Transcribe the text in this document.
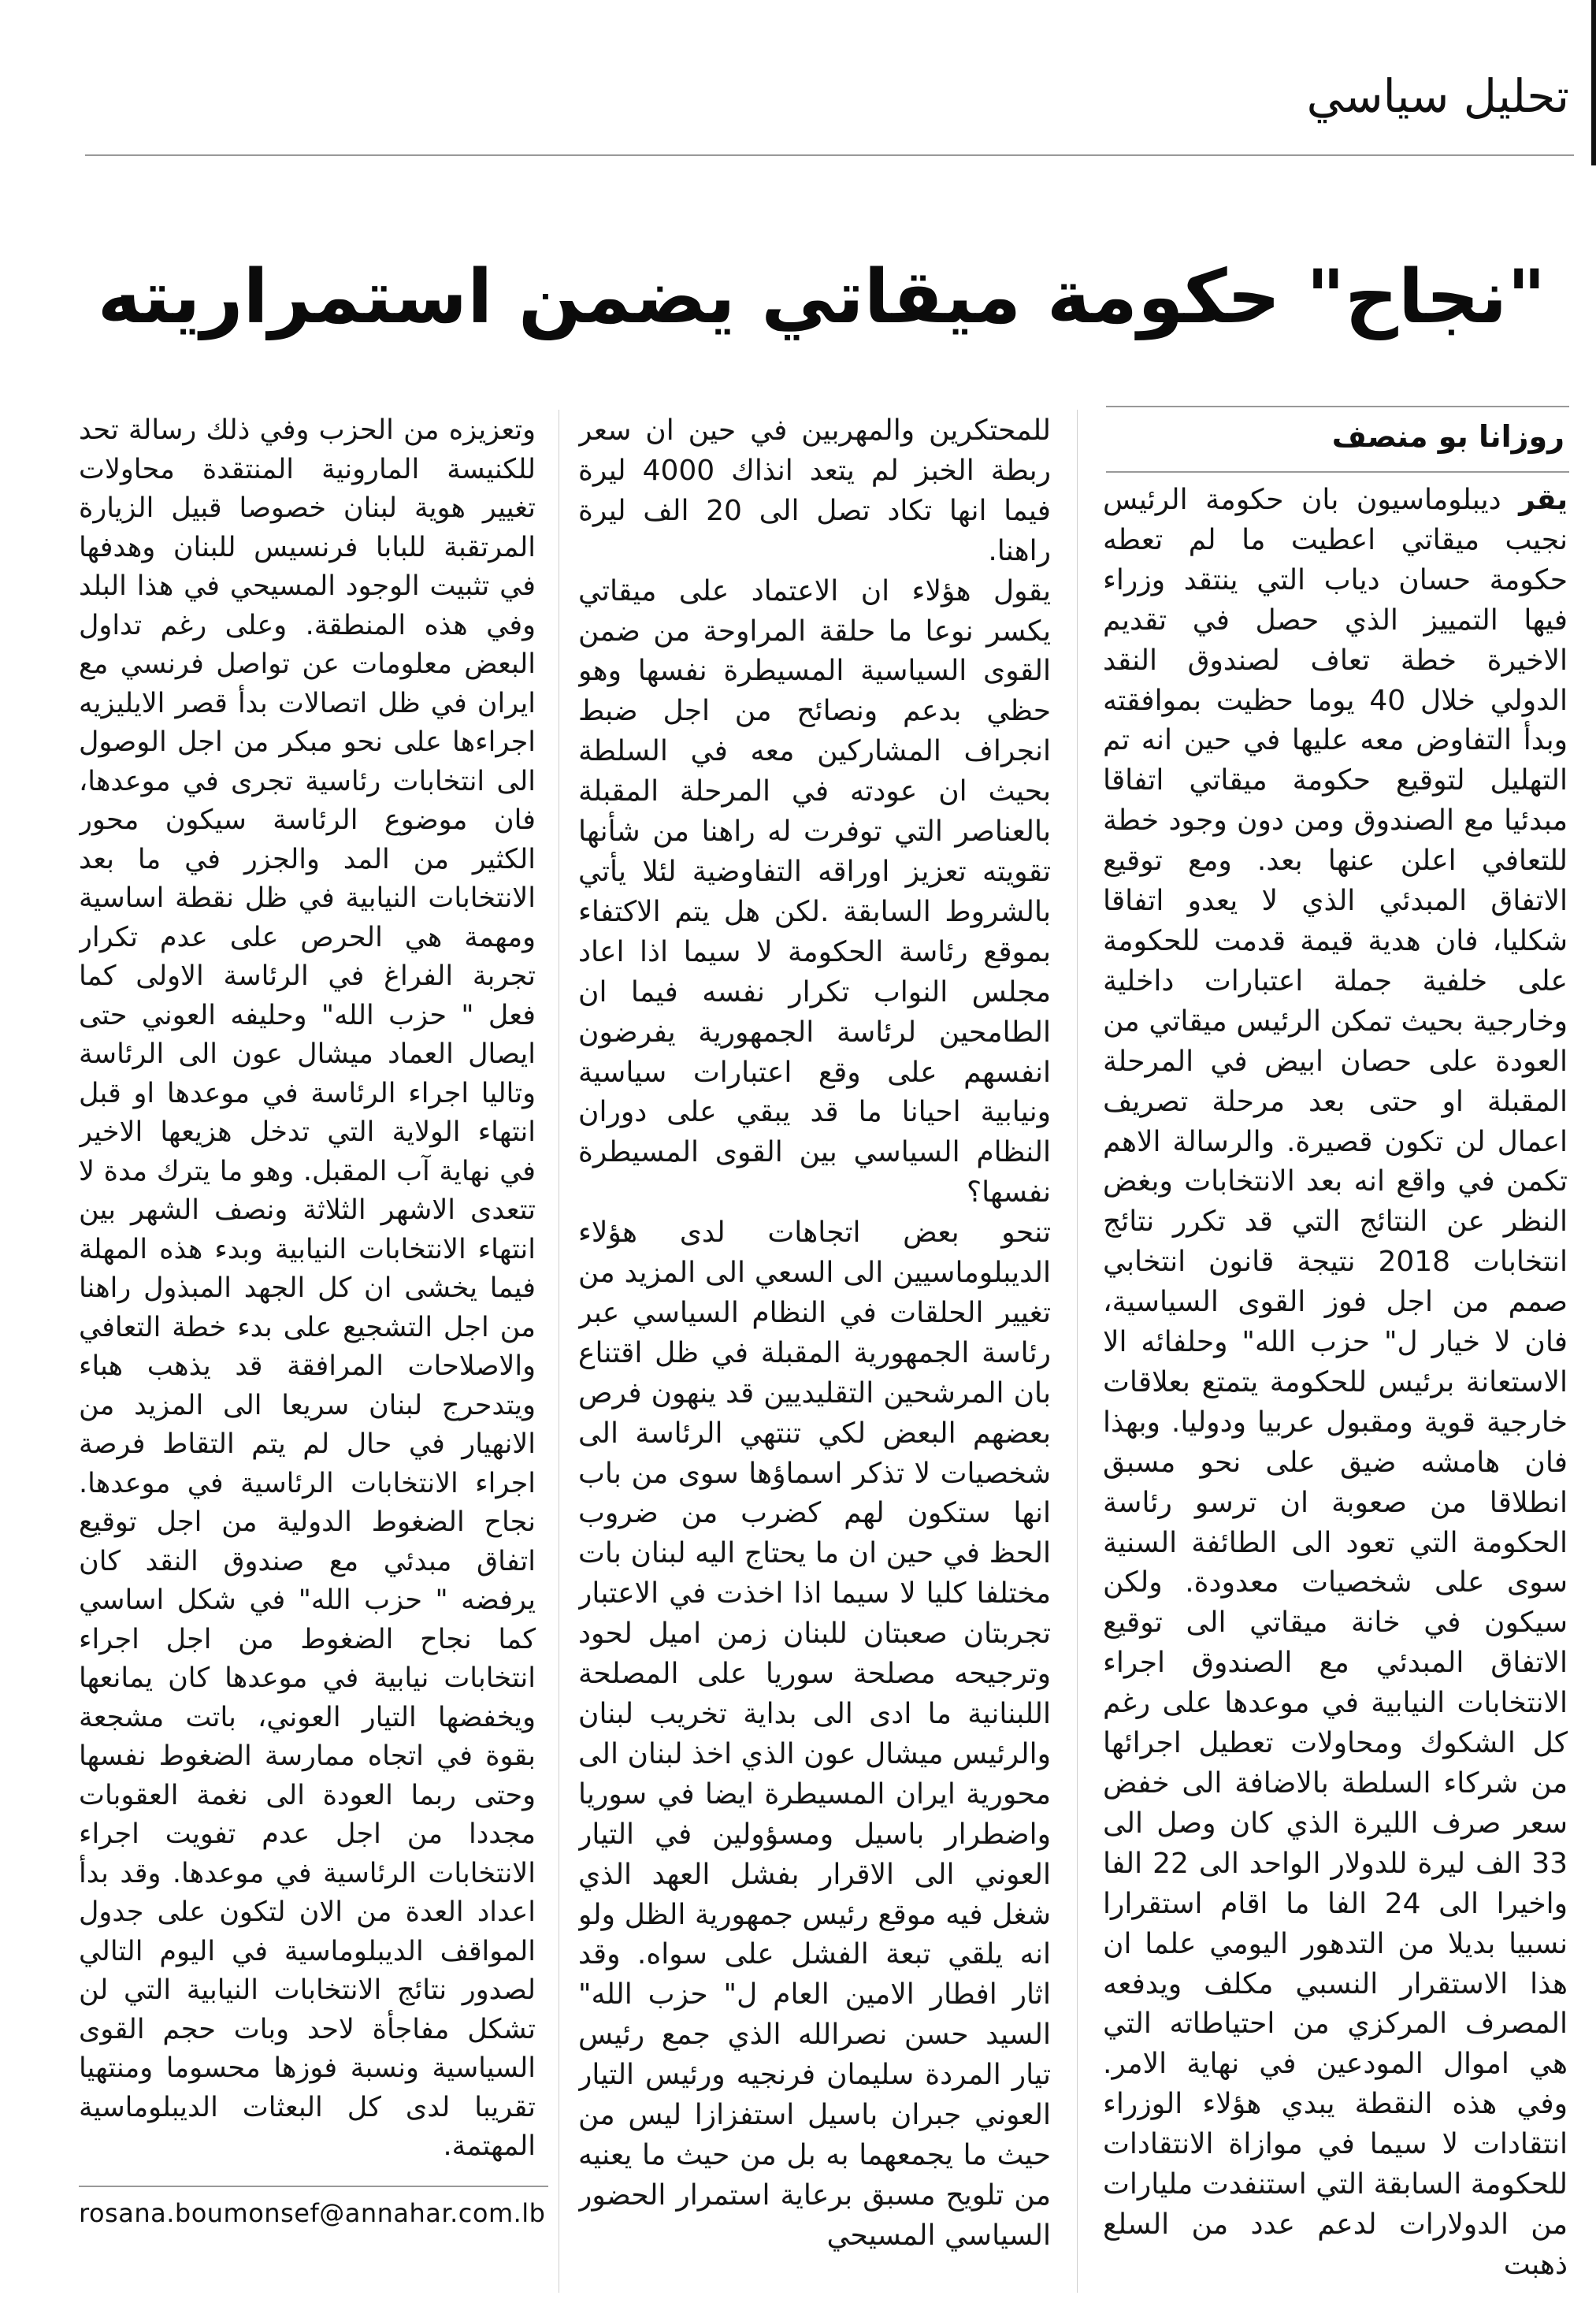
تحليل سياسي
"نجاح" حكومة ميقاتي يضمن استمراريته
روزانا بو منصف

يقر ديبلوماسيون بان حكومة الرئيس نجيب ميقاتي اعطيت ما لم تعطه حكومة حسان دياب التي ينتقد وزراء فيها التمييز الذي حصل في تقديم الاخيرة خطة تعاف لصندوق النقد الدولي خلال 40 يوما حظيت بموافقته وبدأ التفاوض معه عليها في حين انه تم التهليل لتوقيع حكومة ميقاتي اتفاقا مبدئيا مع الصندوق ومن دون وجود خطة للتعافي اعلن عنها بعد. ومع توقيع الاتفاق المبدئي الذي لا يعدو اتفاقا شكليا، فان هدية قيمة قدمت للحكومة على خلفية جملة اعتبارات داخلية وخارجية بحيث تمكن الرئيس ميقاتي من العودة على حصان ابيض في المرحلة المقبلة او حتى بعد مرحلة تصريف اعمال لن تكون قصيرة. والرسالة الاهم تكمن في واقع انه بعد الانتخابات وبغض النظر عن النتائج التي قد تكرر نتائج انتخابات 2018 نتيجة قانون انتخابي صمم من اجل فوز القوى السياسية، فان لا خيار ل" حزب الله" وحلفائه الا الاستعانة برئيس للحكومة يتمتع بعلاقات خارجية قوية ومقبول عربيا ودوليا. وبهذا فان هامشه ضيق على نحو مسبق انطلاقا من صعوبة ان ترسو رئاسة الحكومة التي تعود الى الطائفة السنية سوى على شخصيات معدودة. ولكن سيكون في خانة ميقاتي الى توقيع الاتفاق المبدئي مع الصندوق اجراء الانتخابات النيابية في موعدها على رغم كل الشكوك ومحاولات تعطيل اجرائها من شركاء السلطة بالاضافة الى خفض سعر صرف الليرة الذي كان وصل الى 33 الف ليرة للدولار الواحد الى 22 الفا واخيرا الى 24 الفا ما اقام استقرارا نسبيا بديلا من التدهور اليومي علما ان هذا الاستقرار النسبي مكلف ويدفعه المصرف المركزي من احتياطاته التي هي اموال المودعين في نهاية الامر. وفي هذه النقطة يبدي هؤلاء الوزراء انتقادات لا سيما في موازاة الانتقادات للحكومة السابقة التي استنفدت مليارات من الدولارات لدعم عدد من السلع ذهبت

للمحتكرين والمهربين في حين ان سعر ربطة الخبز لم يتعد انذاك 4000 ليرة فيما انها تكاد تصل الى 20 الف ليرة راهنا.

يقول هؤلاء ان الاعتماد على ميقاتي يكسر نوعا ما حلقة المراوحة من ضمن القوى السياسية المسيطرة نفسها وهو حظي بدعم ونصائح من اجل ضبط انجراف المشاركين معه في السلطة بحيث ان عودته في المرحلة المقبلة بالعناصر التي توفرت له راهنا من شأنها تقويته تعزيز اوراقه التفاوضية لئلا يأتي بالشروط السابقة .لكن هل يتم الاكتفاء بموقع رئاسة الحكومة لا سيما اذا اعاد مجلس النواب تكرار نفسه فيما ان الطامحين لرئاسة الجمهورية يفرضون انفسهم على وقع اعتبارات سياسية ونيابية احيانا ما قد يبقي على دوران النظام السياسي بين القوى المسيطرة نفسها؟

تنحو بعض اتجاهات لدى هؤلاء الديبلوماسيين الى السعي الى المزيد من تغيير الحلقات في النظام السياسي عبر رئاسة الجمهورية المقبلة في ظل اقتناع بان المرشحين التقليديين قد ينهون فرص بعضهم البعض لكي تنتهي الرئاسة الى شخصيات لا تذكر اسماؤها سوى من باب انها ستكون لهم كضرب من ضروب الحظ في حين ان ما يحتاج اليه لبنان بات مختلفا كليا لا سيما اذا اخذت في الاعتبار تجربتان صعبتان للبنان زمن اميل لحود وترجيحه مصلحة سوريا على المصلحة اللبنانية ما ادى الى بداية تخريب لبنان والرئيس ميشال عون الذي اخذ لبنان الى محورية ايران المسيطرة ايضا في سوريا واضطرار باسيل ومسؤولين في التيار العوني الى الاقرار بفشل العهد الذي شغل فيه موقع رئيس جمهورية الظل ولو انه يلقي تبعة الفشل على سواه. وقد اثار افطار الامين العام ل" حزب الله" السيد حسن نصرالله الذي جمع رئيس تيار المردة سليمان فرنجيه ورئيس التيار العوني جبران باسيل استفزازا ليس من حيث ما يجمعهما به بل من حيث ما يعنيه من تلويح مسبق برعاية استمرار الحضور السياسي المسيحي

وتعزيزه من الحزب وفي ذلك رسالة تحد للكنيسة المارونية المنتقدة محاولات تغيير هوية لبنان خصوصا قبيل الزيارة المرتقبة للبابا فرنسيس للبنان وهدفها في تثبيت الوجود المسيحي في هذا البلد وفي هذه المنطقة. وعلى رغم تداول البعض معلومات عن تواصل فرنسي مع ايران في ظل اتصالات بدأ قصر الايليزيه اجراءها على نحو مبكر من اجل الوصول الى انتخابات رئاسية تجرى في موعدها، فان موضوع الرئاسة سيكون محور الكثير من المد والجزر في ما بعد الانتخابات النيابية في ظل نقطة اساسية ومهمة هي الحرص على عدم تكرار تجربة الفراغ في الرئاسة الاولى كما فعل " حزب الله" وحليفه العوني حتى ايصال العماد ميشال عون الى الرئاسة وتاليا اجراء الرئاسة في موعدها او قبل انتهاء الولاية التي تدخل هزيعها الاخير في نهاية آب المقبل. وهو ما يترك مدة لا تتعدى الاشهر الثلاثة ونصف الشهر بين انتهاء الانتخابات النيابية وبدء هذه المهلة فيما يخشى ان كل الجهد المبذول راهنا من اجل التشجيع على بدء خطة التعافي والاصلاحات المرافقة قد يذهب هباء ويتدحرج لبنان سريعا الى المزيد من الانهيار في حال لم يتم التقاط فرصة اجراء الانتخابات الرئاسية في موعدها. نجاح الضغوط الدولية من اجل توقيع اتفاق مبدئي مع صندوق النقد كان يرفضه " حزب الله" في شكل اساسي كما نجاح الضغوط من اجل اجراء انتخابات نيابية في موعدها كان يمانعها ويخفضها التيار العوني، باتت مشجعة بقوة في اتجاه ممارسة الضغوط نفسها وحتى ربما العودة الى نغمة العقوبات مجددا من اجل عدم تفويت اجراء الانتخابات الرئاسية في موعدها. وقد بدأ اعداد العدة من الان لتكون على جدول المواقف الديبلوماسية في اليوم التالي لصدور نتائج الانتخابات النيابية التي لن تشكل مفاجأة لاحد وبات حجم القوى السياسية ونسبة فوزها محسوما ومنتهيا تقريبا لدى كل البعثات الديبلوماسية المهتمة.

rosana.boumonsef@annahar.com.lb
